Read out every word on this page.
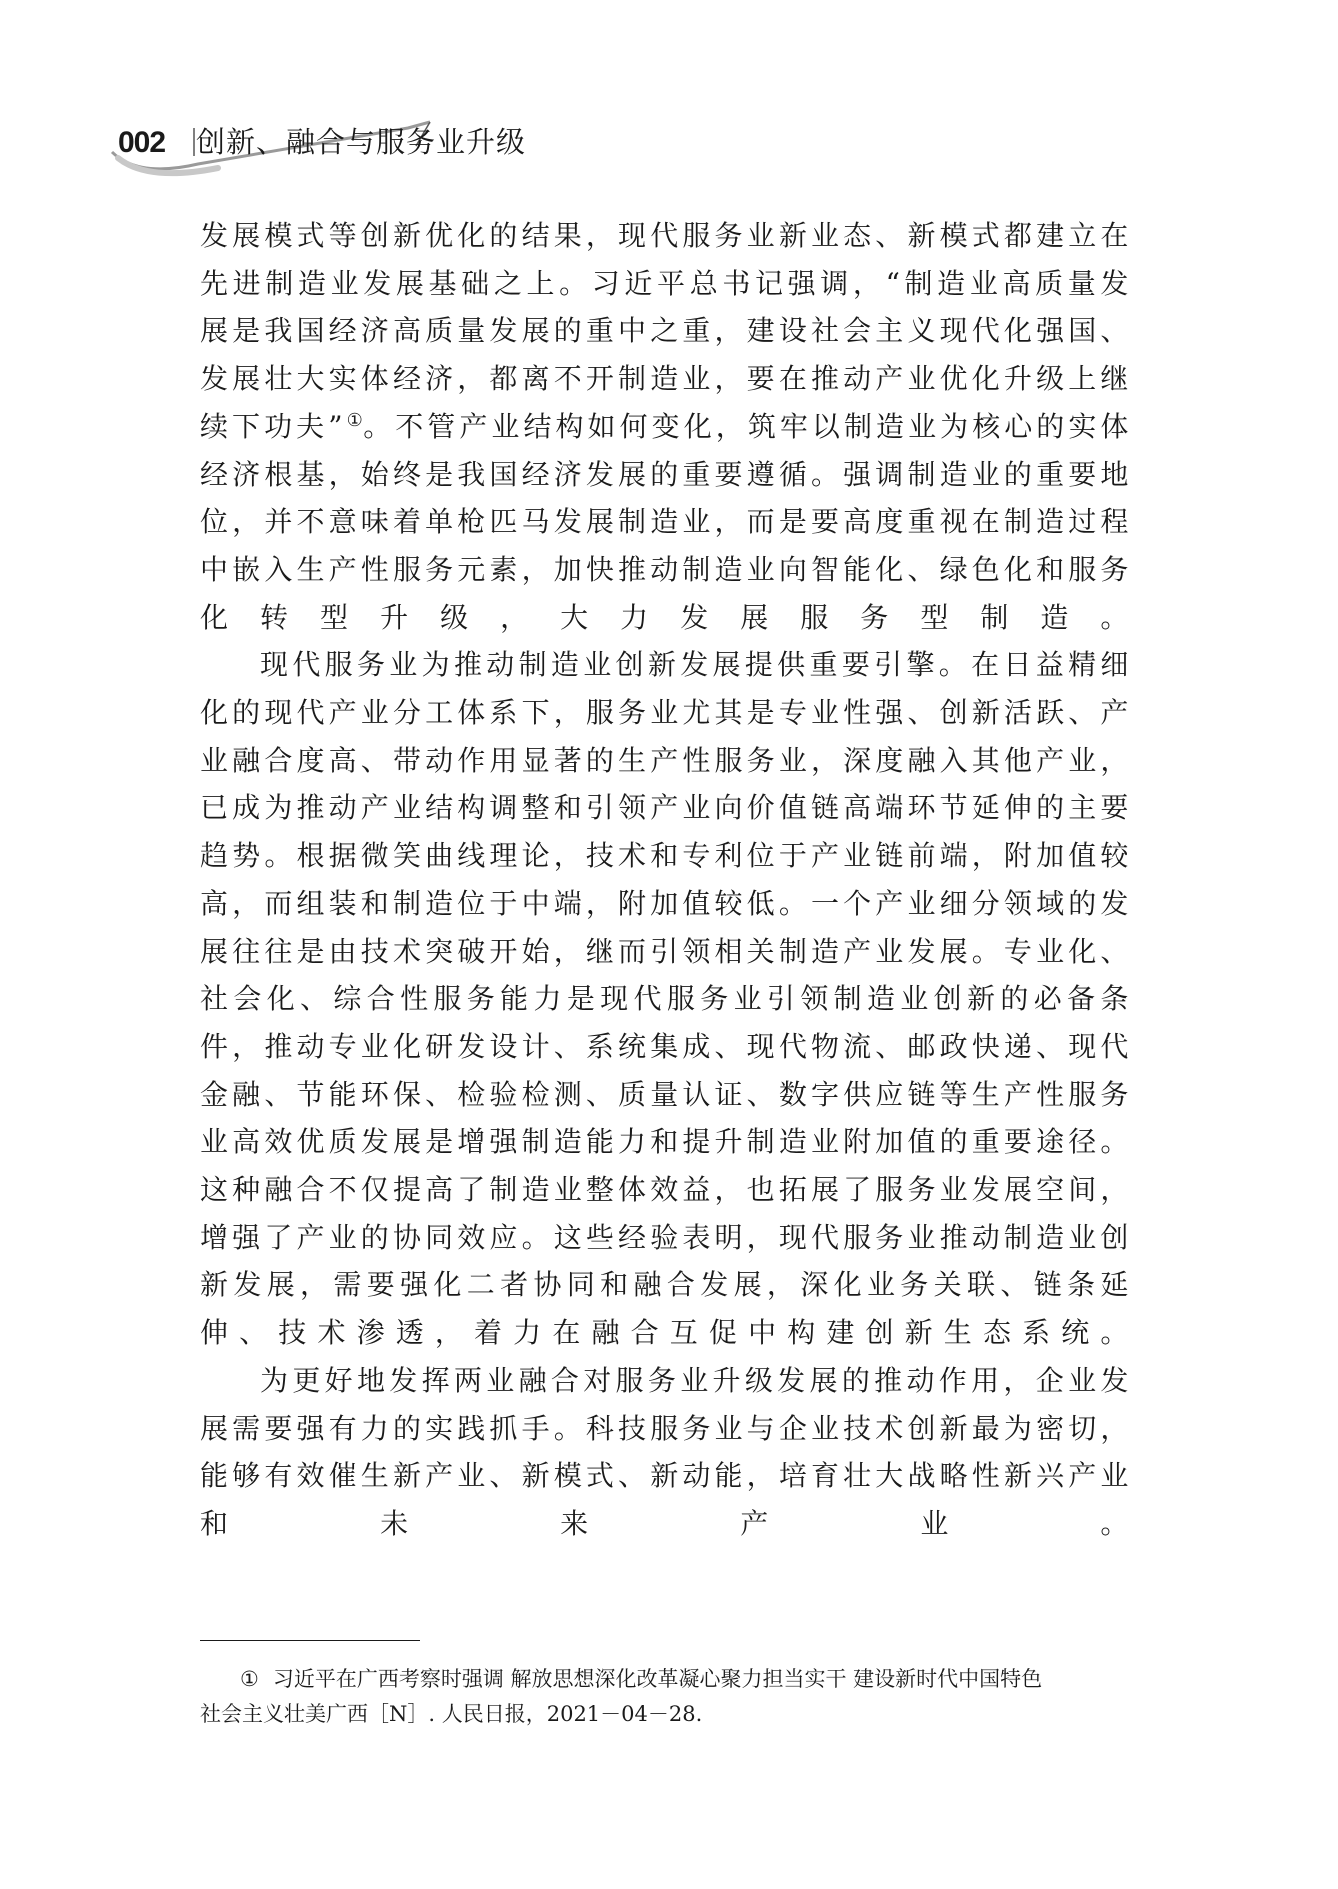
002 创新、融合与服务业升级

发展模式等创新优化的结果，现代服务业新业态、新模式都建立在先进制造业发展基础之上。习近平总书记强调，“制造业高质量发展是我国经济高质量发展的重中之重，建设社会主义现代化强国、发展壮大实体经济，都离不开制造业，要在推动产业优化升级上继续下功夫”①。不管产业结构如何变化，筑牢以制造业为核心的实体经济根基，始终是我国经济发展的重要遵循。强调制造业的重要地位，并不意味着单枪匹马发展制造业，而是要高度重视在制造过程中嵌入生产性服务元素，加快推动制造业向智能化、绿色化和服务化转型升级，大力发展服务型制造。

现代服务业为推动制造业创新发展提供重要引擎。在日益精细化的现代产业分工体系下，服务业尤其是专业性强、创新活跃、产业融合度高、带动作用显著的生产性服务业，深度融入其他产业，已成为推动产业结构调整和引领产业向价值链高端环节延伸的主要趋势。根据微笑曲线理论，技术和专利位于产业链前端，附加值较高，而组装和制造位于中端，附加值较低。一个产业细分领域的发展往往是由技术突破开始，继而引领相关制造产业发展。专业化、社会化、综合性服务能力是现代服务业引领制造业创新的必备条件，推动专业化研发设计、系统集成、现代物流、邮政快递、现代金融、节能环保、检验检测、质量认证、数字供应链等生产性服务业高效优质发展是增强制造能力和提升制造业附加值的重要途径。这种融合不仅提高了制造业整体效益，也拓展了服务业发展空间，增强了产业的协同效应。这些经验表明，现代服务业推动制造业创新发展，需要强化二者协同和融合发展，深化业务关联、链条延伸、技术渗透，着力在融合互促中构建创新生态系统。

为更好地发挥两业融合对服务业升级发展的推动作用，企业发展需要强有力的实践抓手。科技服务业与企业技术创新最为密切，能够有效催生新产业、新模式、新动能，培育壮大战略性新兴产业和未来产业。

① 习近平在广西考察时强调 解放思想深化改革凝心聚力担当实干 建设新时代中国特色
社会主义壮美广西［N］. 人民日报，2021－04－28.
